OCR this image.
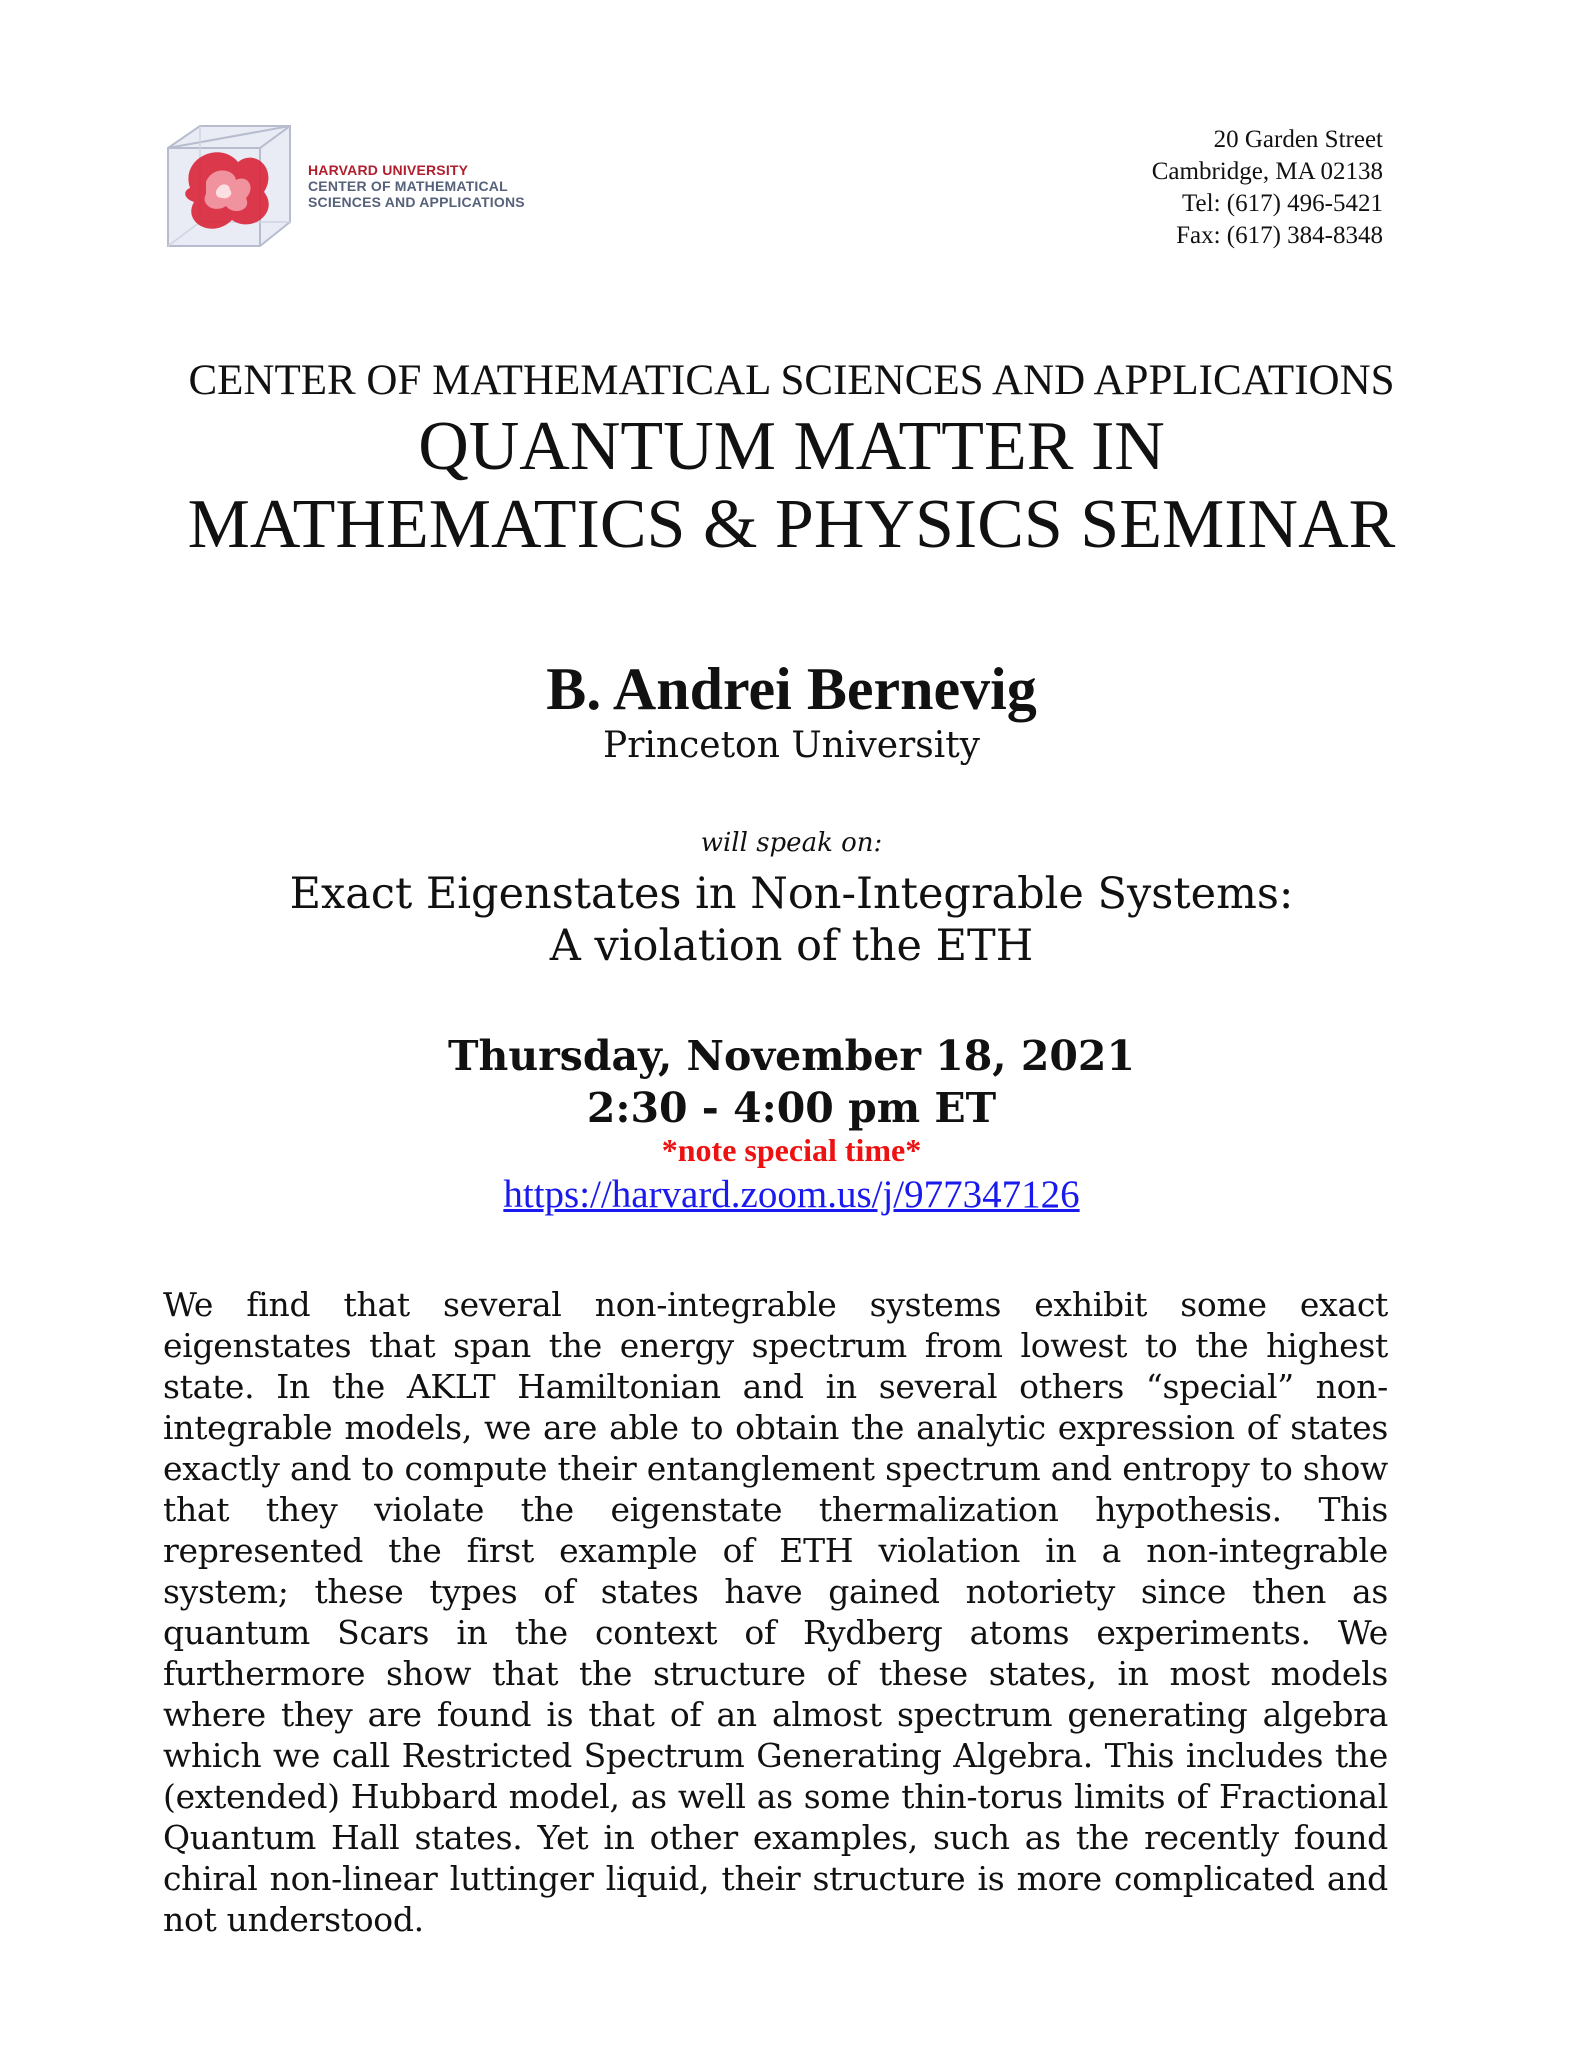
HARVARD UNIVERSITY
CENTER OF MATHEMATICAL
SCIENCES AND APPLICATIONS
20 Garden Street
Cambridge, MA 02138
Tel: (617) 496-5421
Fax: (617) 384-8348
CENTER OF MATHEMATICAL SCIENCES AND APPLICATIONS
QUANTUM MATTER IN
MATHEMATICS & PHYSICS SEMINAR
B. Andrei Bernevig
Princeton University
will speak on:
Exact Eigenstates in Non-Integrable Systems:
A violation of the ETH
Thursday, November 18, 2021
2:30 - 4:00 pm ET
*note special time*
https://harvard.zoom.us/j/977347126
We find that several non-integrable systems exhibit some exact eigenstates that span the energy spectrum from lowest to the highest state. In the AKLT Hamiltonian and in several others “special” non-integrable models, we are able to obtain the analytic expression of states exactly and to compute their entanglement spectrum and entropy to show that they violate the eigenstate thermalization hypothesis. This represented the first example of ETH violation in a non-integrable system; these types of states have gained notoriety since then as quantum Scars in the context of Rydberg atoms experiments. We furthermore show that the structure of these states, in most models where they are found is that of an almost spectrum generating algebra which we call Restricted Spectrum Generating Algebra. This includes the (extended) Hubbard model, as well as some thin-torus limits of Fractional Quantum Hall states. Yet in other examples, such as the recently found chiral non-linear luttinger liquid, their structure is more complicated and not understood.
